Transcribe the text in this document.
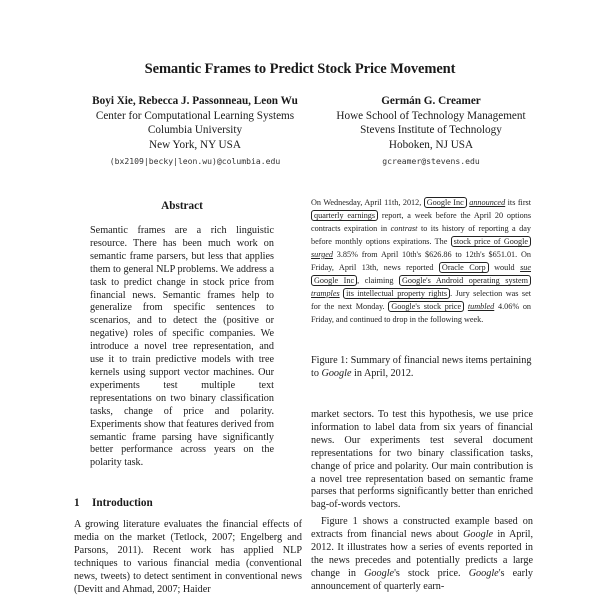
Semantic Frames to Predict Stock Price Movement
Boyi Xie, Rebecca J. Passonneau, Leon Wu
Center for Computational Learning Systems
Columbia University
New York, NY USA
(bx2109|becky|leon.wu)@columbia.edu
Germán G. Creamer
Howe School of Technology Management
Stevens Institute of Technology
Hoboken, NJ USA
gcreamer@stevens.edu
Abstract
Semantic frames are a rich linguistic resource. There has been much work on semantic frame parsers, but less that applies them to general NLP problems. We address a task to predict change in stock price from financial news. Semantic frames help to generalize from specific sentences to scenarios, and to detect the (positive or negative) roles of specific companies. We introduce a novel tree representation, and use it to train predictive models with tree kernels using support vector machines. Our experiments test multiple text representations on two binary classification tasks, change of price and polarity. Experiments show that features derived from semantic frame parsing have significantly better performance across years on the polarity task.
1 Introduction
A growing literature evaluates the financial effects of media on the market (Tetlock, 2007; Engelberg and Parsons, 2011). Recent work has applied NLP techniques to various financial media (conventional news, tweets) to detect sentiment in conventional news (Devitt and Ahmad, 2007; Haider
On Wednesday, April 11th, 2012, Google Inc announced its first quarterly earnings report, a week before the April 20 options contracts expiration in contrast to its history of reporting a day before monthly options expirations. The stock price of Google surged 3.85% from April 10th's $626.86 to 12th's $651.01. On Friday, April 13th, news reported Oracle Corp would sue Google Inc , claiming Google's Android operating system tramples its intellectual property rights . Jury selection was set for the next Monday. Google's stock price tumbled 4.06% on Friday, and continued to drop in the following week.
Figure 1: Summary of financial news items pertaining to Google in April, 2012.

market sectors. To test this hypothesis, we use price information to label data from six years of financial news. Our experiments test several document representations for two binary classification tasks, change of price and polarity. Our main contribution is a novel tree representation based on semantic frame parses that performs significantly better than enriched bag-of-words vectors.

Figure 1 shows a constructed example based on extracts from financial news about Google in April, 2012. It illustrates how a series of events reported in the news precedes and potentially predicts a large change in Google's stock price. Google's early announcement of quarterly earn-
